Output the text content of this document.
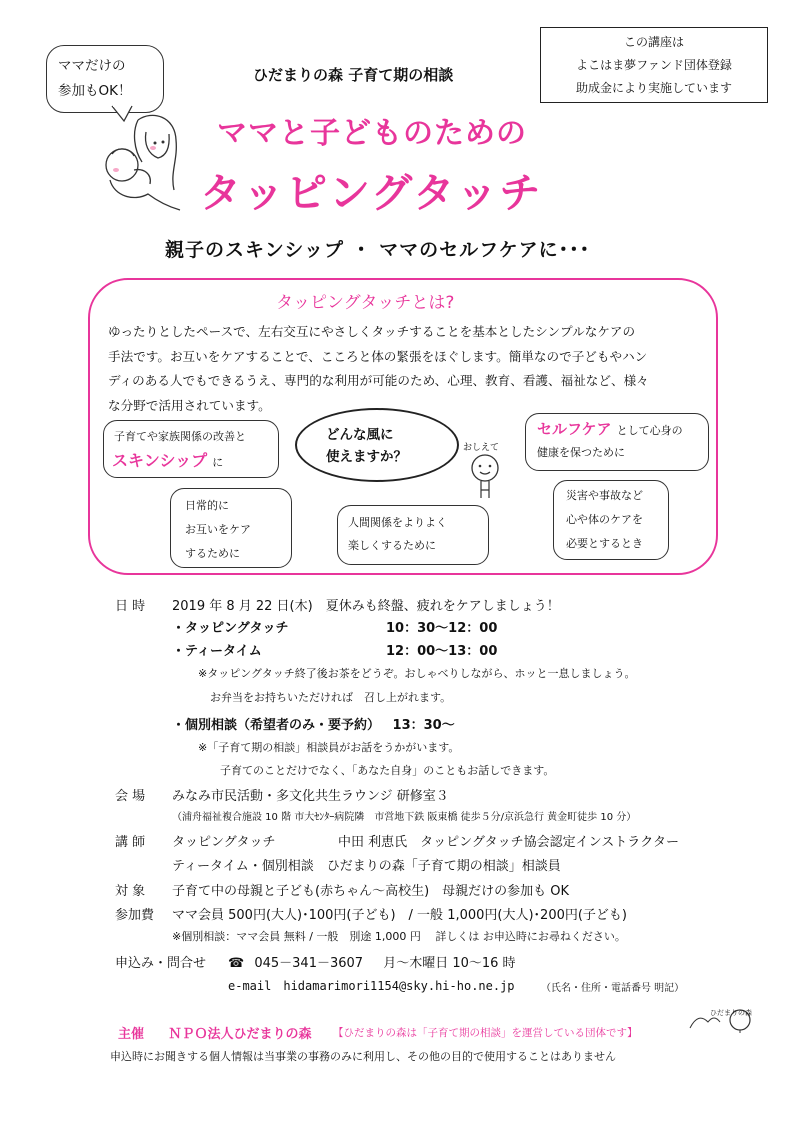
ママだけの
参加もOK！
この講座は
よこはま夢ファンド団体登録
助成金により実施しています
ひだまりの森 子育て期の相談
ママと子どものための
タッピングタッチ
親子のスキンシップ ・ ママのセルフケアに･･･
タッピングタッチとは?
ゆったりとしたペースで、左右交互にやさしくタッチすることを基本としたシンプルなケアの
手法です。お互いをケアすることで、こころと体の緊張をほぐします。簡単なので子どもやハン
ディのある人でもできるうえ、専門的な利用が可能のため、心理、教育、看護、福祉など、様々
な分野で活用されています。
子育てや家族関係の改善と
スキンシップ に
どんな風に
使えますか？
おしえて
セルフケア として心身の
健康を保つために
日常的に
お互いをケア
するために
人間関係をよりよく
楽しくするために
災害や事故など
心や体のケアを
必要とするとき
日 時 2019 年 8 月 22 日(木)　夏休みも終盤、疲れをケアしましょう！
・タッピングタッチ	10：30～12：00
・ティータイム	12：00～13：00
※タッピングタッチ終了後お茶をどうぞ。おしゃべりしながら、ホッと一息しましょう。
お弁当をお持ちいただければ　召し上がれます。
・個別相談（希望者のみ・要予約） 13：30～
※「子育て期の相談」相談員がお話をうかがいます。
子育てのことだけでなく、「あなた自身」のこともお話しできます。
会 場 みなみ市民活動・多文化共生ラウンジ 研修室３
（浦舟福祉複合施設 10 階 市大ｾﾝﾀｰ病院隣　市営地下鉄 阪東橋 徒歩５分/京浜急行 黄金町徒歩 10 分）
講 師 タッピングタッチ	中田 利恵氏　タッピングタッチ協会認定インストラクター
ティータイム・個別相談　ひだまりの森「子育て期の相談」相談員
対 象 子育て中の母親と子ども(赤ちゃん～高校生)　母親だけの参加も OK
参加費 ママ会員 500円(大人)･100円(子ども)　/ 一般 1,000円(大人)･200円(子ども)
※個別相談：ママ会員 無料 / 一般　別途 1,000 円　 詳しくは お申込時にお尋ねください。
申込み・問合せ ☎ 045－341－3607 月～木曜日 10～16 時
e-mail　hidamarimori1154@sky.hi-ho.ne.jp	（氏名・住所・電話番号 明記）
主催 ＮＰＯ法人ひだまりの森 【ひだまりの森は「子育て期の相談」を運営している団体です】
申込時にお聞きする個人情報は当事業の事務のみに利用し、その他の目的で使用することはありません
ひだまりの森
